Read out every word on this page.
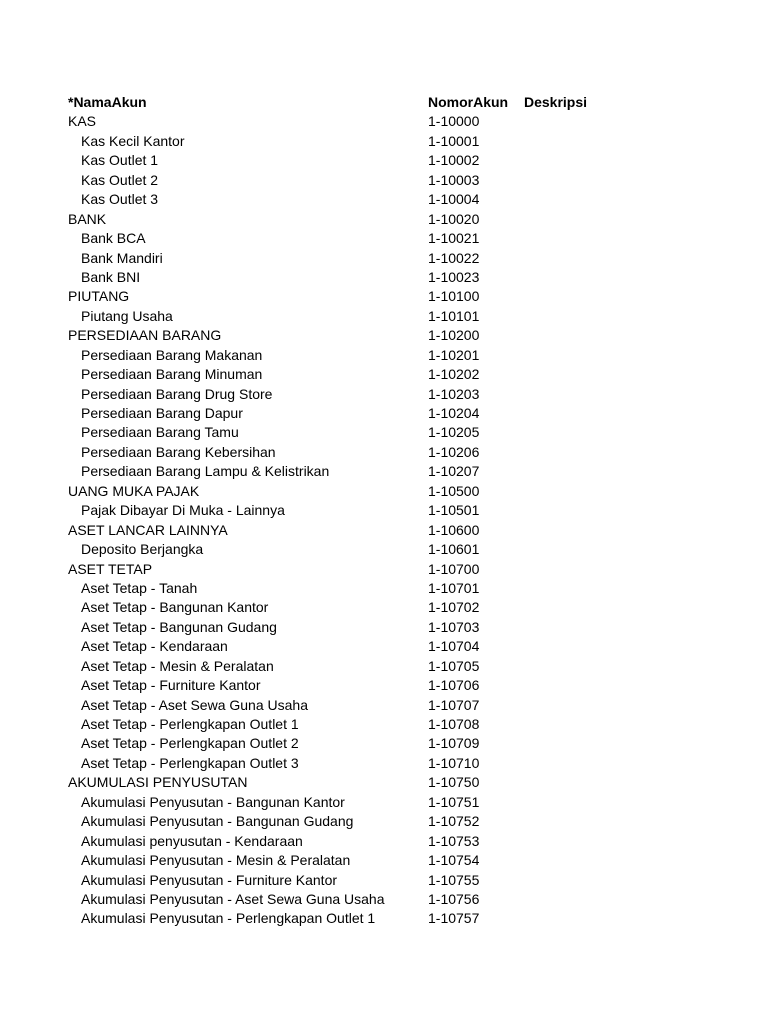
*NamaAkun	NomorAkun Deskripsi
KAS	1-10000
Kas Kecil Kantor	1-10001
Kas Outlet 1	1-10002
Kas Outlet 2	1-10003
Kas Outlet 3	1-10004
BANK	1-10020
Bank BCA	1-10021
Bank Mandiri	1-10022
Bank BNI	1-10023
PIUTANG	1-10100
Piutang Usaha	1-10101
PERSEDIAAN BARANG	1-10200
Persediaan Barang Makanan	1-10201
Persediaan Barang Minuman	1-10202
Persediaan Barang Drug Store	1-10203
Persediaan Barang Dapur	1-10204
Persediaan Barang Tamu	1-10205
Persediaan Barang Kebersihan	1-10206
Persediaan Barang Lampu & Kelistrikan	1-10207
UANG MUKA PAJAK	1-10500
Pajak Dibayar Di Muka - Lainnya	1-10501
ASET LANCAR LAINNYA	1-10600
Deposito Berjangka	1-10601
ASET TETAP	1-10700
Aset Tetap - Tanah	1-10701
Aset Tetap - Bangunan Kantor	1-10702
Aset Tetap - Bangunan Gudang	1-10703
Aset Tetap - Kendaraan	1-10704
Aset Tetap - Mesin & Peralatan	1-10705
Aset Tetap - Furniture Kantor	1-10706
Aset Tetap - Aset Sewa Guna Usaha	1-10707
Aset Tetap - Perlengkapan Outlet 1	1-10708
Aset Tetap - Perlengkapan Outlet 2	1-10709
Aset Tetap - Perlengkapan Outlet 3	1-10710
AKUMULASI PENYUSUTAN	1-10750
Akumulasi Penyusutan - Bangunan Kantor	1-10751
Akumulasi Penyusutan - Bangunan Gudang	1-10752
Akumulasi penyusutan - Kendaraan	1-10753
Akumulasi Penyusutan - Mesin & Peralatan	1-10754
Akumulasi Penyusutan - Furniture Kantor	1-10755
Akumulasi Penyusutan - Aset Sewa Guna Usaha	1-10756
Akumulasi Penyusutan - Perlengkapan Outlet 1	1-10757
